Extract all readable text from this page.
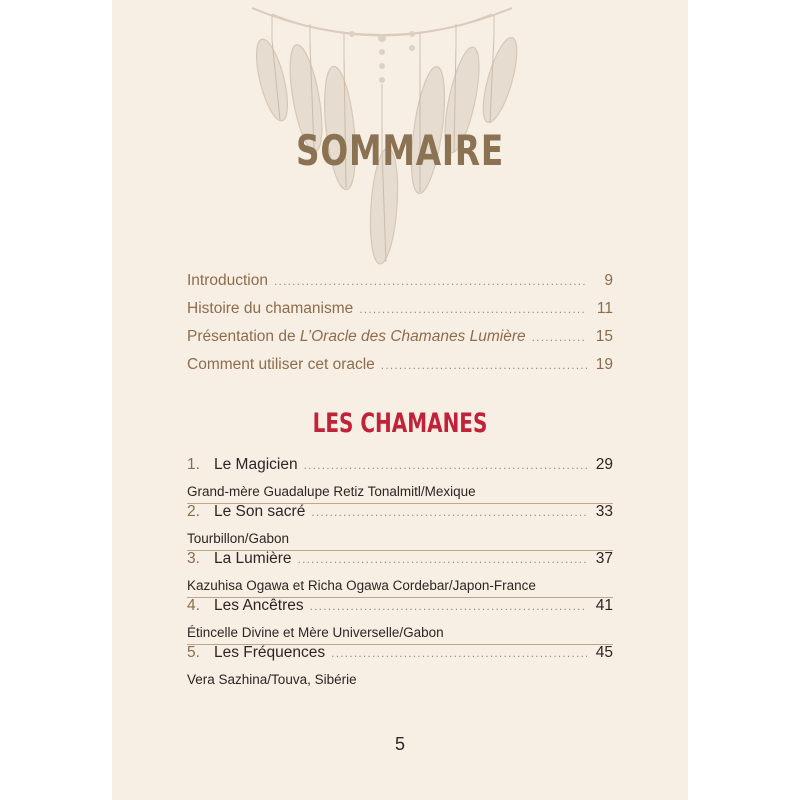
SOMMAIRE
Introduction .....	9
Histoire du chamanisme .....	11
Présentation de L’Oracle des Chamanes Lumière .....	15
Comment utiliser cet oracle .....	19
LES CHAMANES
1. Le Magicien .....	29
Grand-mère Guadalupe Retiz Tonalmitl/Mexique
2. Le Son sacré .....	33
Tourbillon/Gabon
3. La Lumière .....	37
Kazuhisa Ogawa et Richa Ogawa Cordebar/Japon-France
4. Les Ancêtres .....	41
Étincelle Divine et Mère Universelle/Gabon
5. Les Fréquences .....	45
Vera Sazhina/Touva, Sibérie
5
